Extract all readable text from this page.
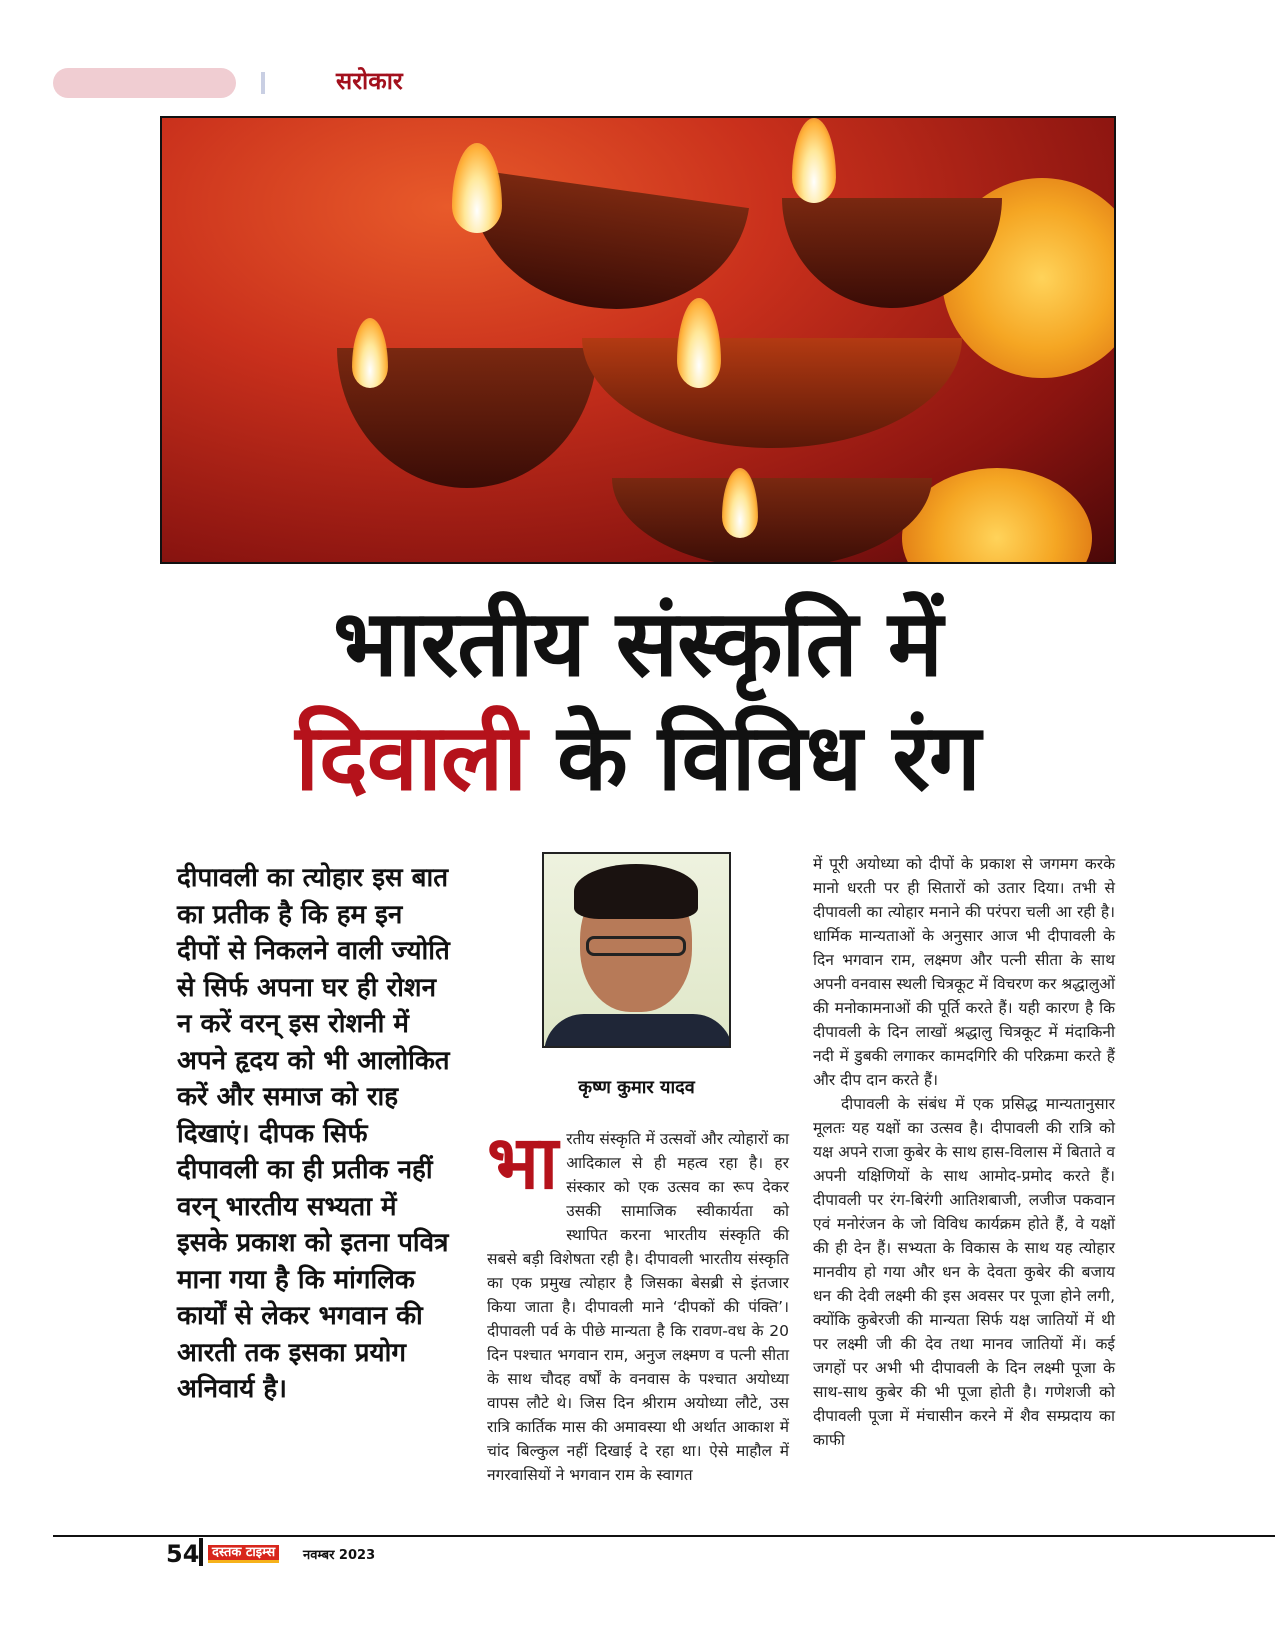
सरोकार
भारतीय संस्कृति में
दिवाली के विविध रंग
दीपावली का त्योहार इस बात का प्रतीक है कि हम इन दीपों से निकलने वाली ज्योति से सिर्फ अपना घर ही रोशन न करें वरन् इस रोशनी में अपने हृदय को भी आलोकित करें और समाज को राह दिखाएं। दीपक सिर्फ दीपावली का ही प्रतीक नहीं वरन् भारतीय सभ्यता में इसके प्रकाश को इतना पवित्र माना गया है कि मांगलिक कार्यों से लेकर भगवान की आरती तक इसका प्रयोग अनिवार्य है।
कृष्ण कुमार यादव
भा रतीय संस्कृति में उत्सवों और त्योहारों का आदिकाल से ही महत्व रहा है। हर संस्कार को एक उत्सव का रूप देकर उसकी सामाजिक स्वीकार्यता को स्थापित करना भारतीय संस्कृति की सबसे बड़ी विशेषता रही है। दीपावली भारतीय संस्कृति का एक प्रमुख त्योहार है जिसका बेसब्री से इंतजार किया जाता है। दीपावली माने ‘दीपकों की पंक्ति’। दीपावली पर्व के पीछे मान्यता है कि रावण-वध के 20 दिन पश्चात भगवान राम, अनुज लक्ष्मण व पत्नी सीता के साथ चौदह वर्षों के वनवास के पश्चात अयोध्या वापस लौटे थे। जिस दिन श्रीराम अयोध्या लौटे, उस रात्रि कार्तिक मास की अमावस्या थी अर्थात आकाश में चांद बिल्कुल नहीं दिखाई दे रहा था। ऐसे माहौल में नगरवासियों ने भगवान राम के स्वागत

में पूरी अयोध्या को दीपों के प्रकाश से जगमग करके मानो धरती पर ही सितारों को उतार दिया। तभी से दीपावली का त्योहार मनाने की परंपरा चली आ रही है। धार्मिक मान्यताओं के अनुसार आज भी दीपावली के दिन भगवान राम, लक्ष्मण और पत्नी सीता के साथ अपनी वनवास स्थली चित्रकूट में विचरण कर श्रद्धालुओं की मनोकामनाओं की पूर्ति करते हैं। यही कारण है कि दीपावली के दिन लाखों श्रद्धालु चित्रकूट में मंदाकिनी नदी में डुबकी लगाकर कामदगिरि की परिक्रमा करते हैं और दीप दान करते हैं।

दीपावली के संबंध में एक प्रसिद्ध मान्यतानुसार मूलतः यह यक्षों का उत्सव है। दीपावली की रात्रि को यक्ष अपने राजा कुबेर के साथ हास-विलास में बिताते व अपनी यक्षिणियों के साथ आमोद-प्रमोद करते हैं। दीपावली पर रंग-बिरंगी आतिशबाजी, लजीज पकवान एवं मनोरंजन के जो विविध कार्यक्रम होते हैं, वे यक्षों की ही देन हैं। सभ्यता के विकास के साथ यह त्योहार मानवीय हो गया और धन के देवता कुबेर की बजाय धन की देवी लक्ष्मी की इस अवसर पर पूजा होने लगी, क्योंकि कुबेरजी की मान्यता सिर्फ यक्ष जातियों में थी पर लक्ष्मी जी की देव तथा मानव जातियों में। कई जगहों पर अभी भी दीपावली के दिन लक्ष्मी पूजा के साथ-साथ कुबेर की भी पूजा होती है। गणेशजी को दीपावली पूजा में मंचासीन करने में शैव सम्प्रदाय का काफी

54 दस्तक टाइम्स	नवम्बर 2023
